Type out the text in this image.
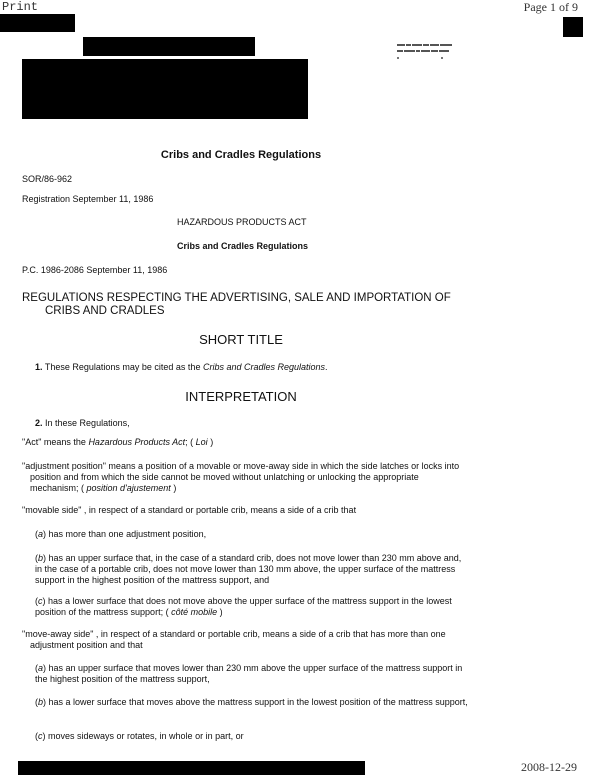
Print	Page 1 of 9
Cribs and Cradles Regulations
SOR/86-962
Registration September 11, 1986
HAZARDOUS PRODUCTS ACT
Cribs and Cradles Regulations
P.C. 1986-2086 September 11, 1986
REGULATIONS RESPECTING THE ADVERTISING, SALE AND IMPORTATION OF
CRIBS AND CRADLES
SHORT TITLE
1. These Regulations may be cited as the Cribs and Cradles Regulations.
INTERPRETATION
2. In these Regulations,
"Act" means the Hazardous Products Act; ( Loi )
"adjustment position" means a position of a movable or move-away side in which the side latches or locks into
position and from which the side cannot be moved without unlatching or unlocking the appropriate
mechanism; ( position d'ajustement )
"movable side" , in respect of a standard or portable crib, means a side of a crib that
(a) has more than one adjustment position,
(b) has an upper surface that, in the case of a standard crib, does not move lower than 230 mm above and,
in the case of a portable crib, does not move lower than 130 mm above, the upper surface of the mattress
support in the highest position of the mattress support, and
(c) has a lower surface that does not move above the upper surface of the mattress support in the lowest
position of the mattress support; ( côté mobile )
"move-away side" , in respect of a standard or portable crib, means a side of a crib that has more than one
adjustment position and that
(a) has an upper surface that moves lower than 230 mm above the upper surface of the mattress support in
the highest position of the mattress support,
(b) has a lower surface that moves above the mattress support in the lowest position of the mattress support,
(c) moves sideways or rotates, in whole or in part, or
2008-12-29
